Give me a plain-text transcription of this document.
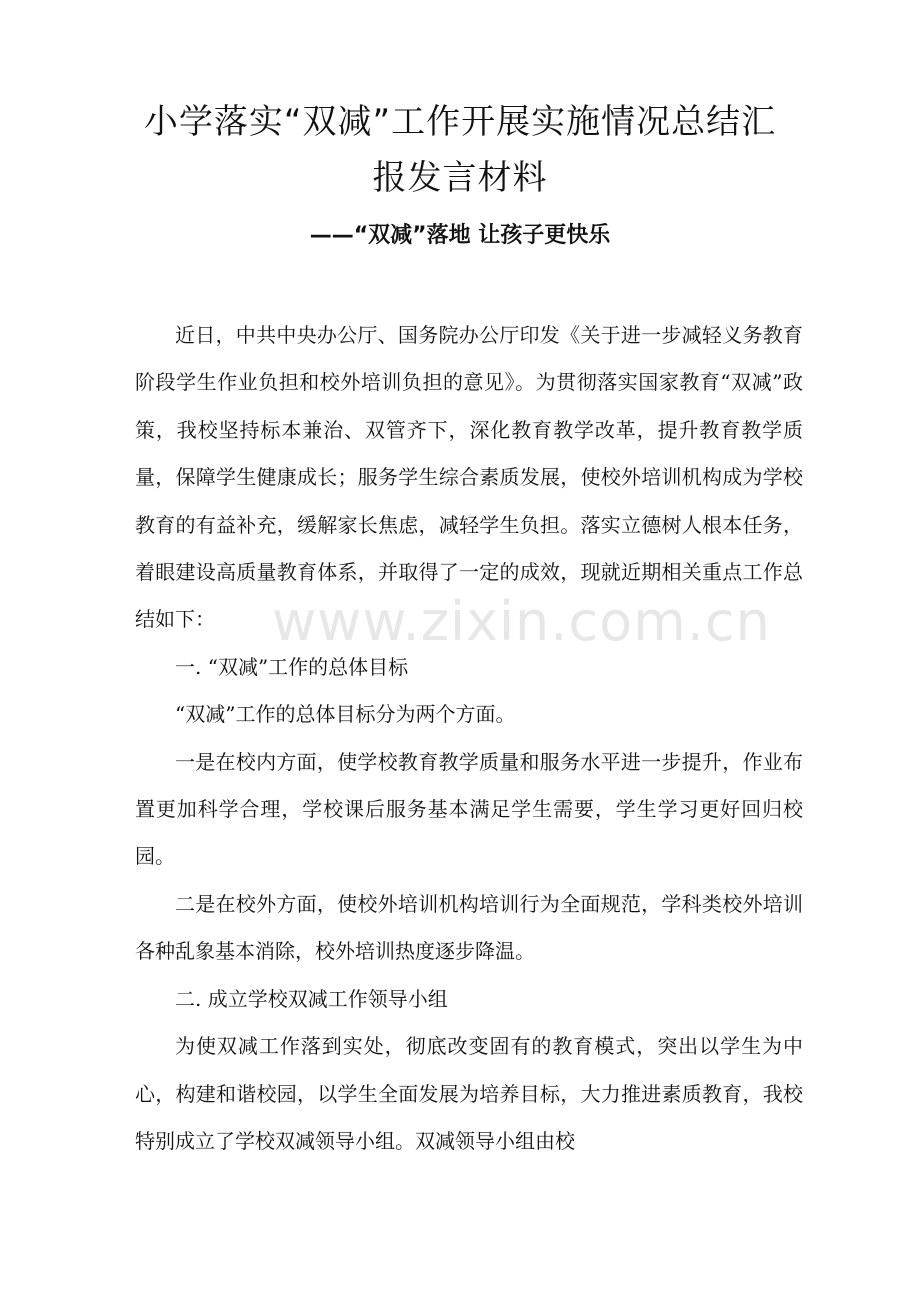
小学落实“双减”工作开展实施情况总结汇
报发言材料
——“双减”落地 让孩子更快乐

近日，中共中央办公厅、国务院办公厅印发《关于进一步减轻义务教育阶段学生作业负担和校外培训负担的意见》。为贯彻落实国家教育“双减”政策，我校坚持标本兼治、双管齐下，深化教育教学改革，提升教育教学质量，保障学生健康成长；服务学生综合素质发展，使校外培训机构成为学校教育的有益补充，缓解家长焦虑，减轻学生负担。落实立德树人根本任务，着眼建设高质量教育体系，并取得了一定的成效，现就近期相关重点工作总结如下：

一. “双减”工作的总体目标

“双减”工作的总体目标分为两个方面。

一是在校内方面，使学校教育教学质量和服务水平进一步提升，作业布置更加科学合理，学校课后服务基本满足学生需要，学生学习更好回归校园。

二是在校外方面，使校外培训机构培训行为全面规范，学科类校外培训各种乱象基本消除，校外培训热度逐步降温。

二. 成立学校双减工作领导小组

为使双减工作落到实处，彻底改变固有的教育模式，突出以学生为中心，构建和谐校园，以学生全面发展为培养目标，大力推进素质教育，我校特别成立了学校双减领导小组。双减领导小组由校

www.zixin.com.cn
